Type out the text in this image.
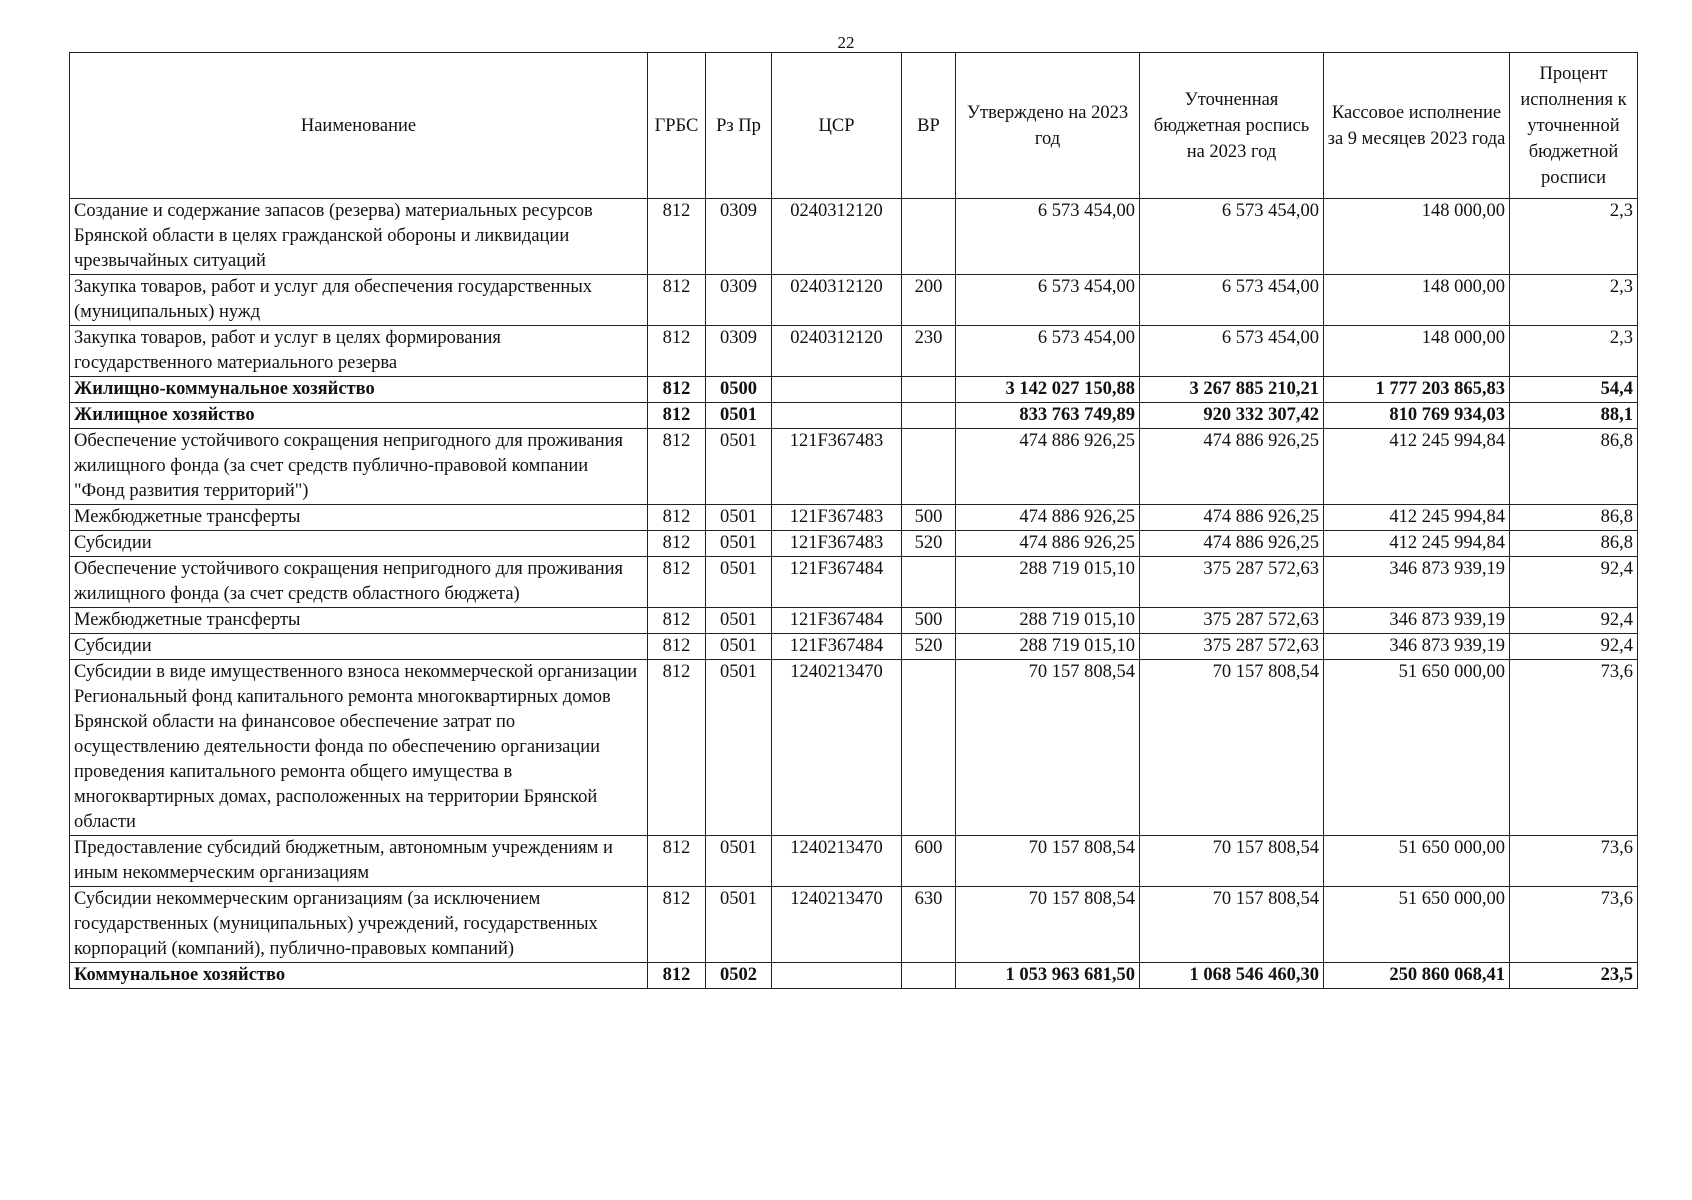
22
Наименование	ГРБС	Рз Пр	ЦСР	ВР	Утверждено на 2023 год	Уточненная бюджетная роспись на 2023 год	Кассовое исполнение за 9 месяцев 2023 года	Процент исполнения к уточненной бюджетной росписи
Создание и содержание запасов (резерва) материальных ресурсов Брянской области в целях гражданской обороны и ликвидации чрезвычайных ситуаций	812	0309	0240312120		6 573 454,00	6 573 454,00	148 000,00	2,3
Закупка товаров, работ и услуг для обеспечения государственных (муниципальных) нужд	812	0309	0240312120	200	6 573 454,00	6 573 454,00	148 000,00	2,3
Закупка товаров, работ и услуг в целях формирования государственного материального резерва	812	0309	0240312120	230	6 573 454,00	6 573 454,00	148 000,00	2,3
Жилищно-коммунальное хозяйство	812	0500			3 142 027 150,88	3 267 885 210,21	1 777 203 865,83	54,4
Жилищное хозяйство	812	0501			833 763 749,89	920 332 307,42	810 769 934,03	88,1
Обеспечение устойчивого сокращения непригодного для проживания жилищного фонда (за счет средств публично-правовой компании "Фонд развития территорий")	812	0501	121F367483		474 886 926,25	474 886 926,25	412 245 994,84	86,8
Межбюджетные трансферты	812	0501	121F367483	500	474 886 926,25	474 886 926,25	412 245 994,84	86,8
Субсидии	812	0501	121F367483	520	474 886 926,25	474 886 926,25	412 245 994,84	86,8
Обеспечение устойчивого сокращения непригодного для проживания жилищного фонда (за счет средств областного бюджета)	812	0501	121F367484		288 719 015,10	375 287 572,63	346 873 939,19	92,4
Межбюджетные трансферты	812	0501	121F367484	500	288 719 015,10	375 287 572,63	346 873 939,19	92,4
Субсидии	812	0501	121F367484	520	288 719 015,10	375 287 572,63	346 873 939,19	92,4
Субсидии в виде имущественного взноса некоммерческой организации Региональный фонд капитального ремонта многоквартирных домов Брянской области на финансовое обеспечение затрат по осуществлению деятельности фонда по обеспечению организации проведения капитального ремонта общего имущества в многоквартирных домах, расположенных на территории Брянской области	812	0501	1240213470		70 157 808,54	70 157 808,54	51 650 000,00	73,6
Предоставление субсидий бюджетным, автономным учреждениям и иным некоммерческим организациям	812	0501	1240213470	600	70 157 808,54	70 157 808,54	51 650 000,00	73,6
Субсидии некоммерческим организациям (за исключением государственных (муниципальных) учреждений, государственных корпораций (компаний), публично-правовых компаний)	812	0501	1240213470	630	70 157 808,54	70 157 808,54	51 650 000,00	73,6
Коммунальное хозяйство	812	0502			1 053 963 681,50	1 068 546 460,30	250 860 068,41	23,5
